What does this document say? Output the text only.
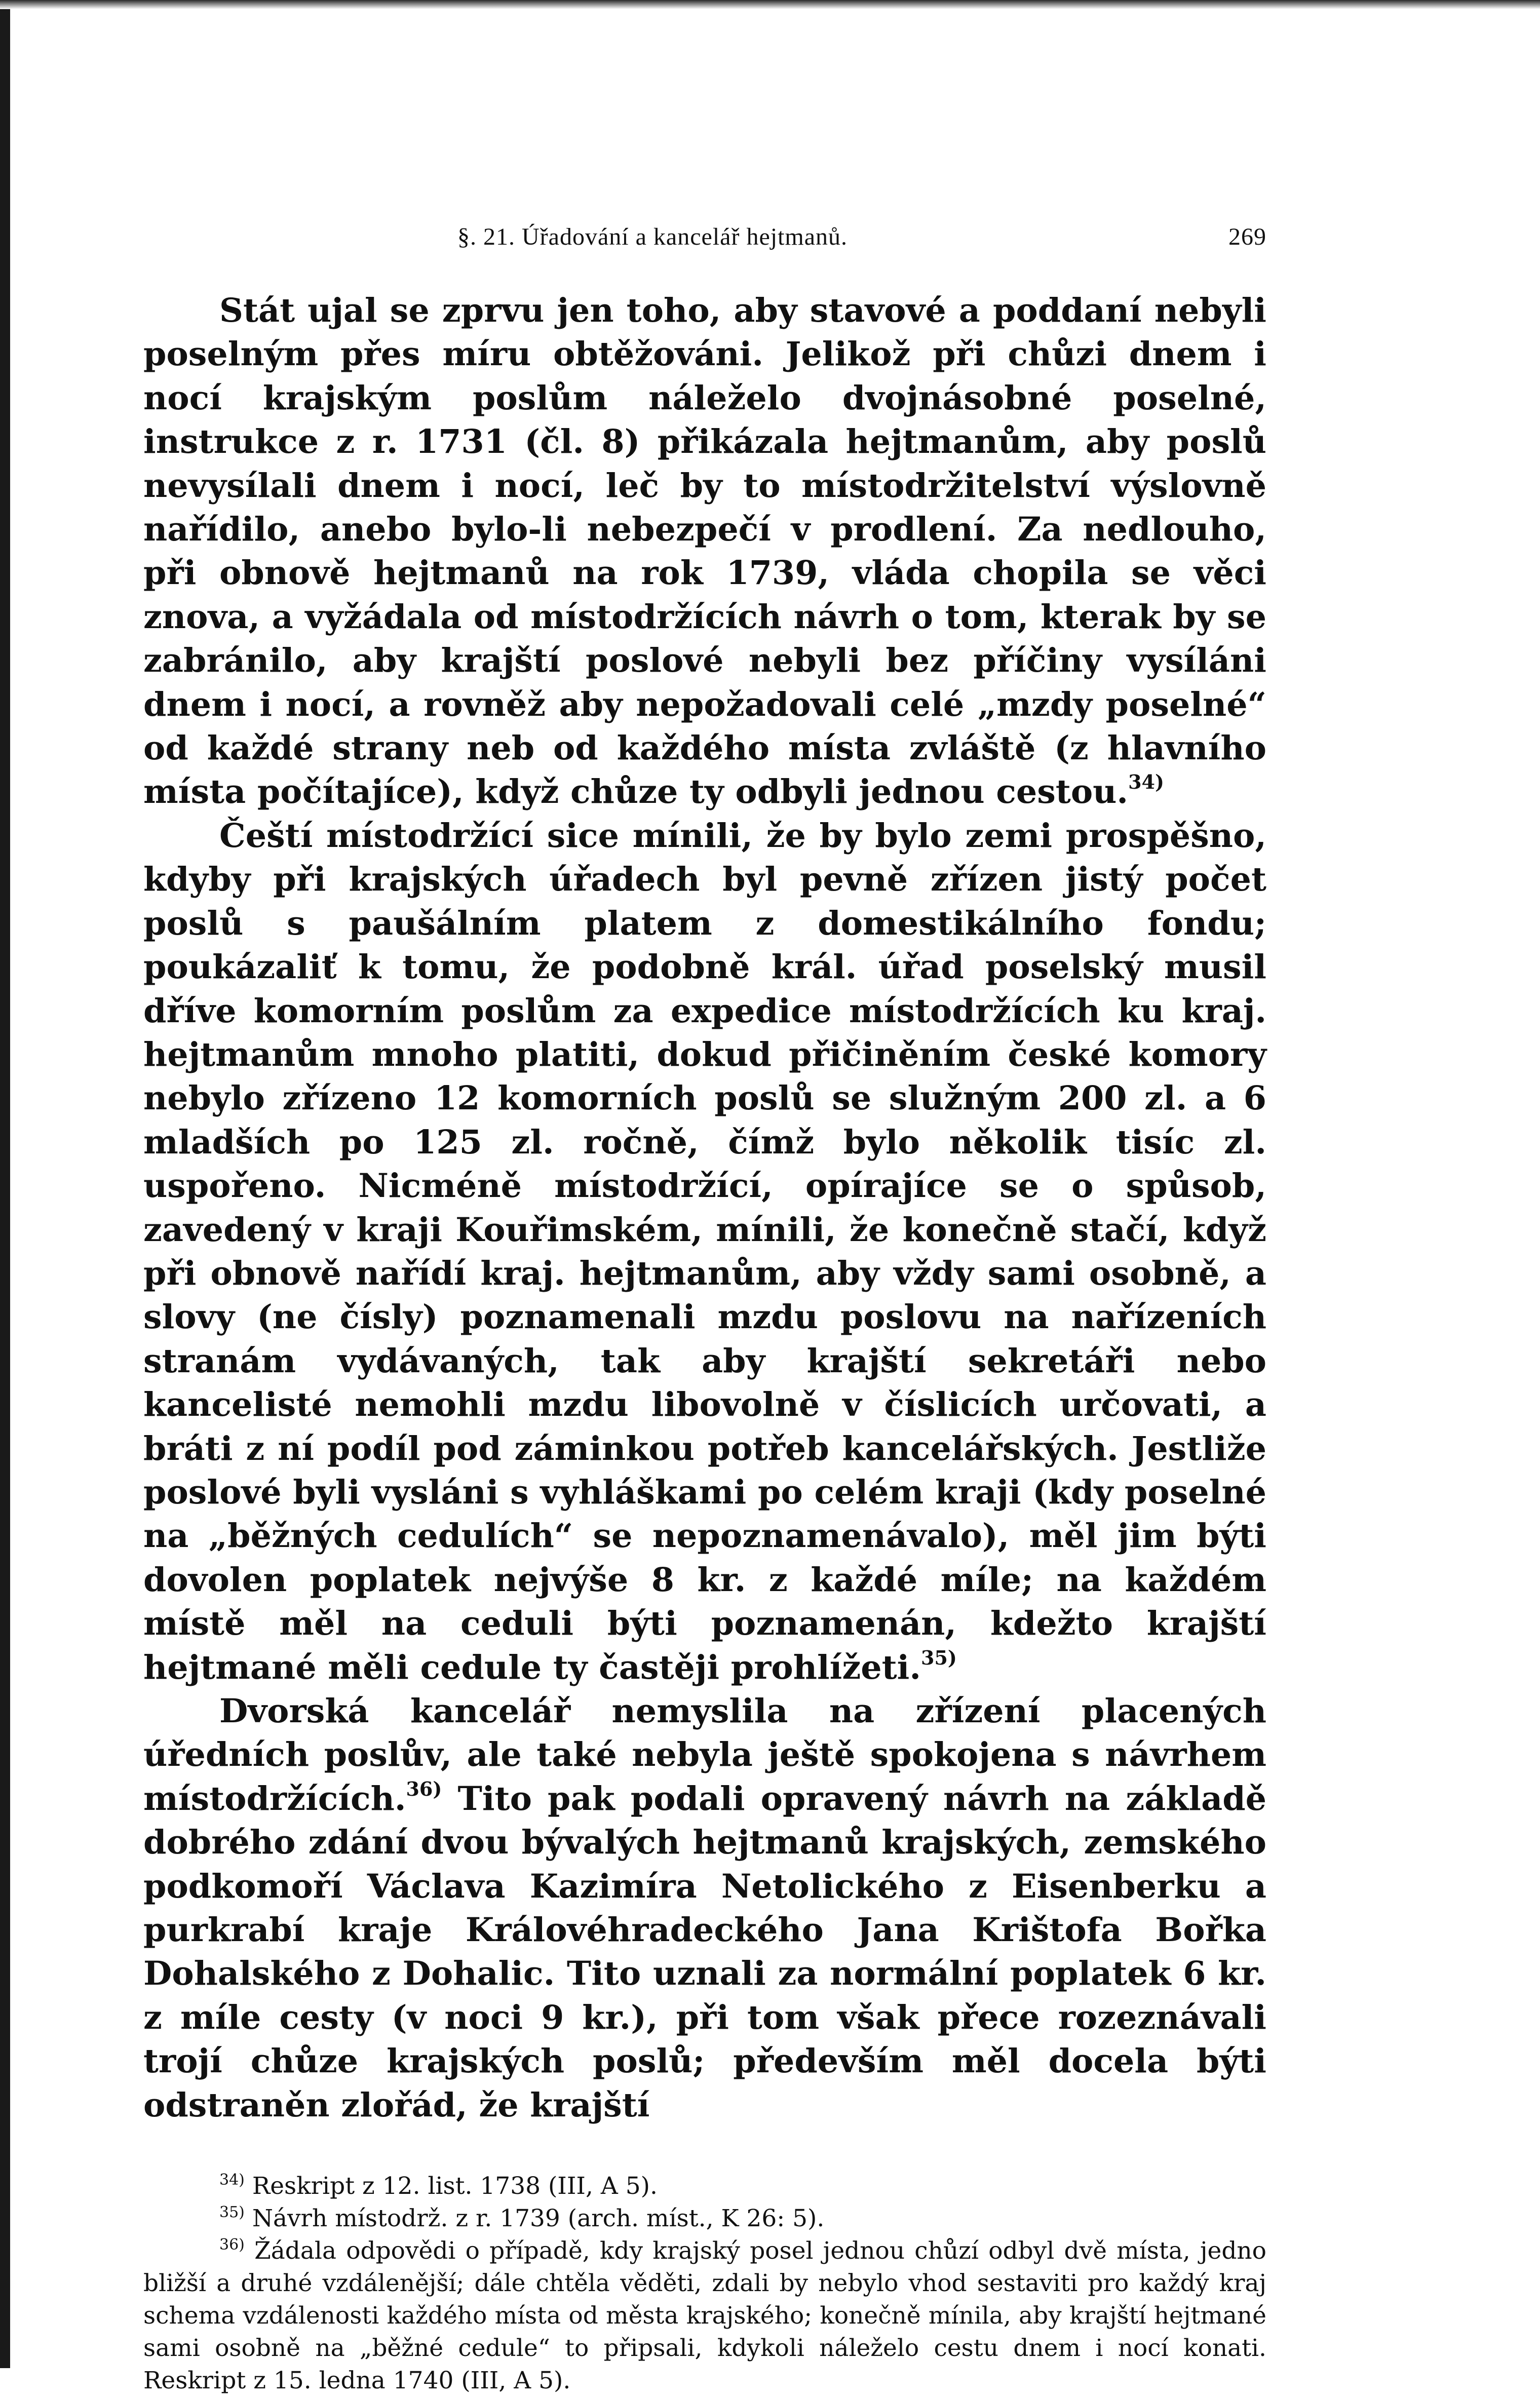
§. 21. Úřadování a kancelář hejtmanů.	269

Stát ujal se zprvu jen toho, aby stavové a poddaní nebyli poselným přes míru obtěžováni. Jelikož při chůzi dnem i nocí krajským poslům náleželo dvojnásobné poselné, instrukce z r. 1731 (čl. 8) přikázala hejtmanům, aby poslů nevysílali dnem i nocí, leč by to místodržitelství výslovně nařídilo, anebo bylo-li nebezpečí v prodlení. Za nedlouho, při obnově hejtmanů na rok 1739, vláda chopila se věci znova, a vyžádala od místodržících návrh o tom, kterak by se zabránilo, aby krajští poslové nebyli bez příčiny vysíláni dnem i nocí, a rovněž aby nepožadovali celé „mzdy poselné“ od každé strany neb od každého místa zvláště (z hlavního místa počítajíce), když chůze ty odbyli jednou cestou.$^{34)}$

Čeští místodržící sice mínili, že by bylo zemi prospěšno, kdyby při krajských úřadech byl pevně zřízen jistý počet poslů s paušálním platem z domestikálního fondu; poukázaliť k tomu, že podobně král. úřad poselský musil dříve komorním poslům za expedice místodržících ku kraj. hejtmanům mnoho platiti, dokud přičiněním české komory nebylo zřízeno 12 komorních poslů se služným 200 zl. a 6 mladších po 125 zl. ročně, čímž bylo několik tisíc zl. uspořeno. Nicméně místodržící, opírajíce se o spůsob, zavedený v kraji Kouřimském, mínili, že konečně stačí, když při obnově nařídí kraj. hejtmanům, aby vždy sami osobně, a slovy (ne čísly) poznamenali mzdu poslovu na nařízeních stranám vydávaných, tak aby krajští sekretáři nebo kancelisté nemohli mzdu libovolně v číslicích určovati, a bráti z ní podíl pod záminkou potřeb kancelářských. Jestliže poslové byli vysláni s vyhláškami po celém kraji (kdy poselné na „běžných cedulích“ se nepoznamenávalo), měl jim býti dovolen poplatek nejvýše 8 kr. z každé míle; na každém místě měl na ceduli býti poznamenán, kdežto krajští hejtmané měli cedule ty častěji prohlížeti.$^{35)}$

Dvorská kancelář nemyslila na zřízení placených úředních poslův, ale také nebyla ještě spokojena s návrhem místodržících.$^{36)}$ Tito pak podali opravený návrh na základě dobrého zdání dvou bývalých hejtmanů krajských, zemského podkomoří Václava Kazimíra Netolického z Eisenberku a purkrabí kraje Královéhradeckého Jana Krištofa Bořka Dohalského z Dohalic. Tito uznali za normální poplatek 6 kr. z míle cesty (v noci 9 kr.), při tom však přece rozeznávali trojí chůze krajských poslů; především měl docela býti odstraněn zlořád, že krajští

$^{34)}$ Reskript z 12. list. 1738 (III, A 5).

$^{35)}$ Návrh místodrž. z r. 1739 (arch. míst., K 26: 5).

$^{36)}$ Žádala odpovědi o případě, kdy krajský posel jednou chůzí odbyl dvě místa, jedno bližší a druhé vzdálenější; dále chtěla věděti, zdali by nebylo vhod sestaviti pro každý kraj schema vzdálenosti každého místa od města krajského; konečně mínila, aby krajští hejtmané sami osobně na „běžné cedule“ to připsali, kdykoli náleželo cestu dnem i nocí konati. Reskript z 15. ledna 1740 (III, A 5).
